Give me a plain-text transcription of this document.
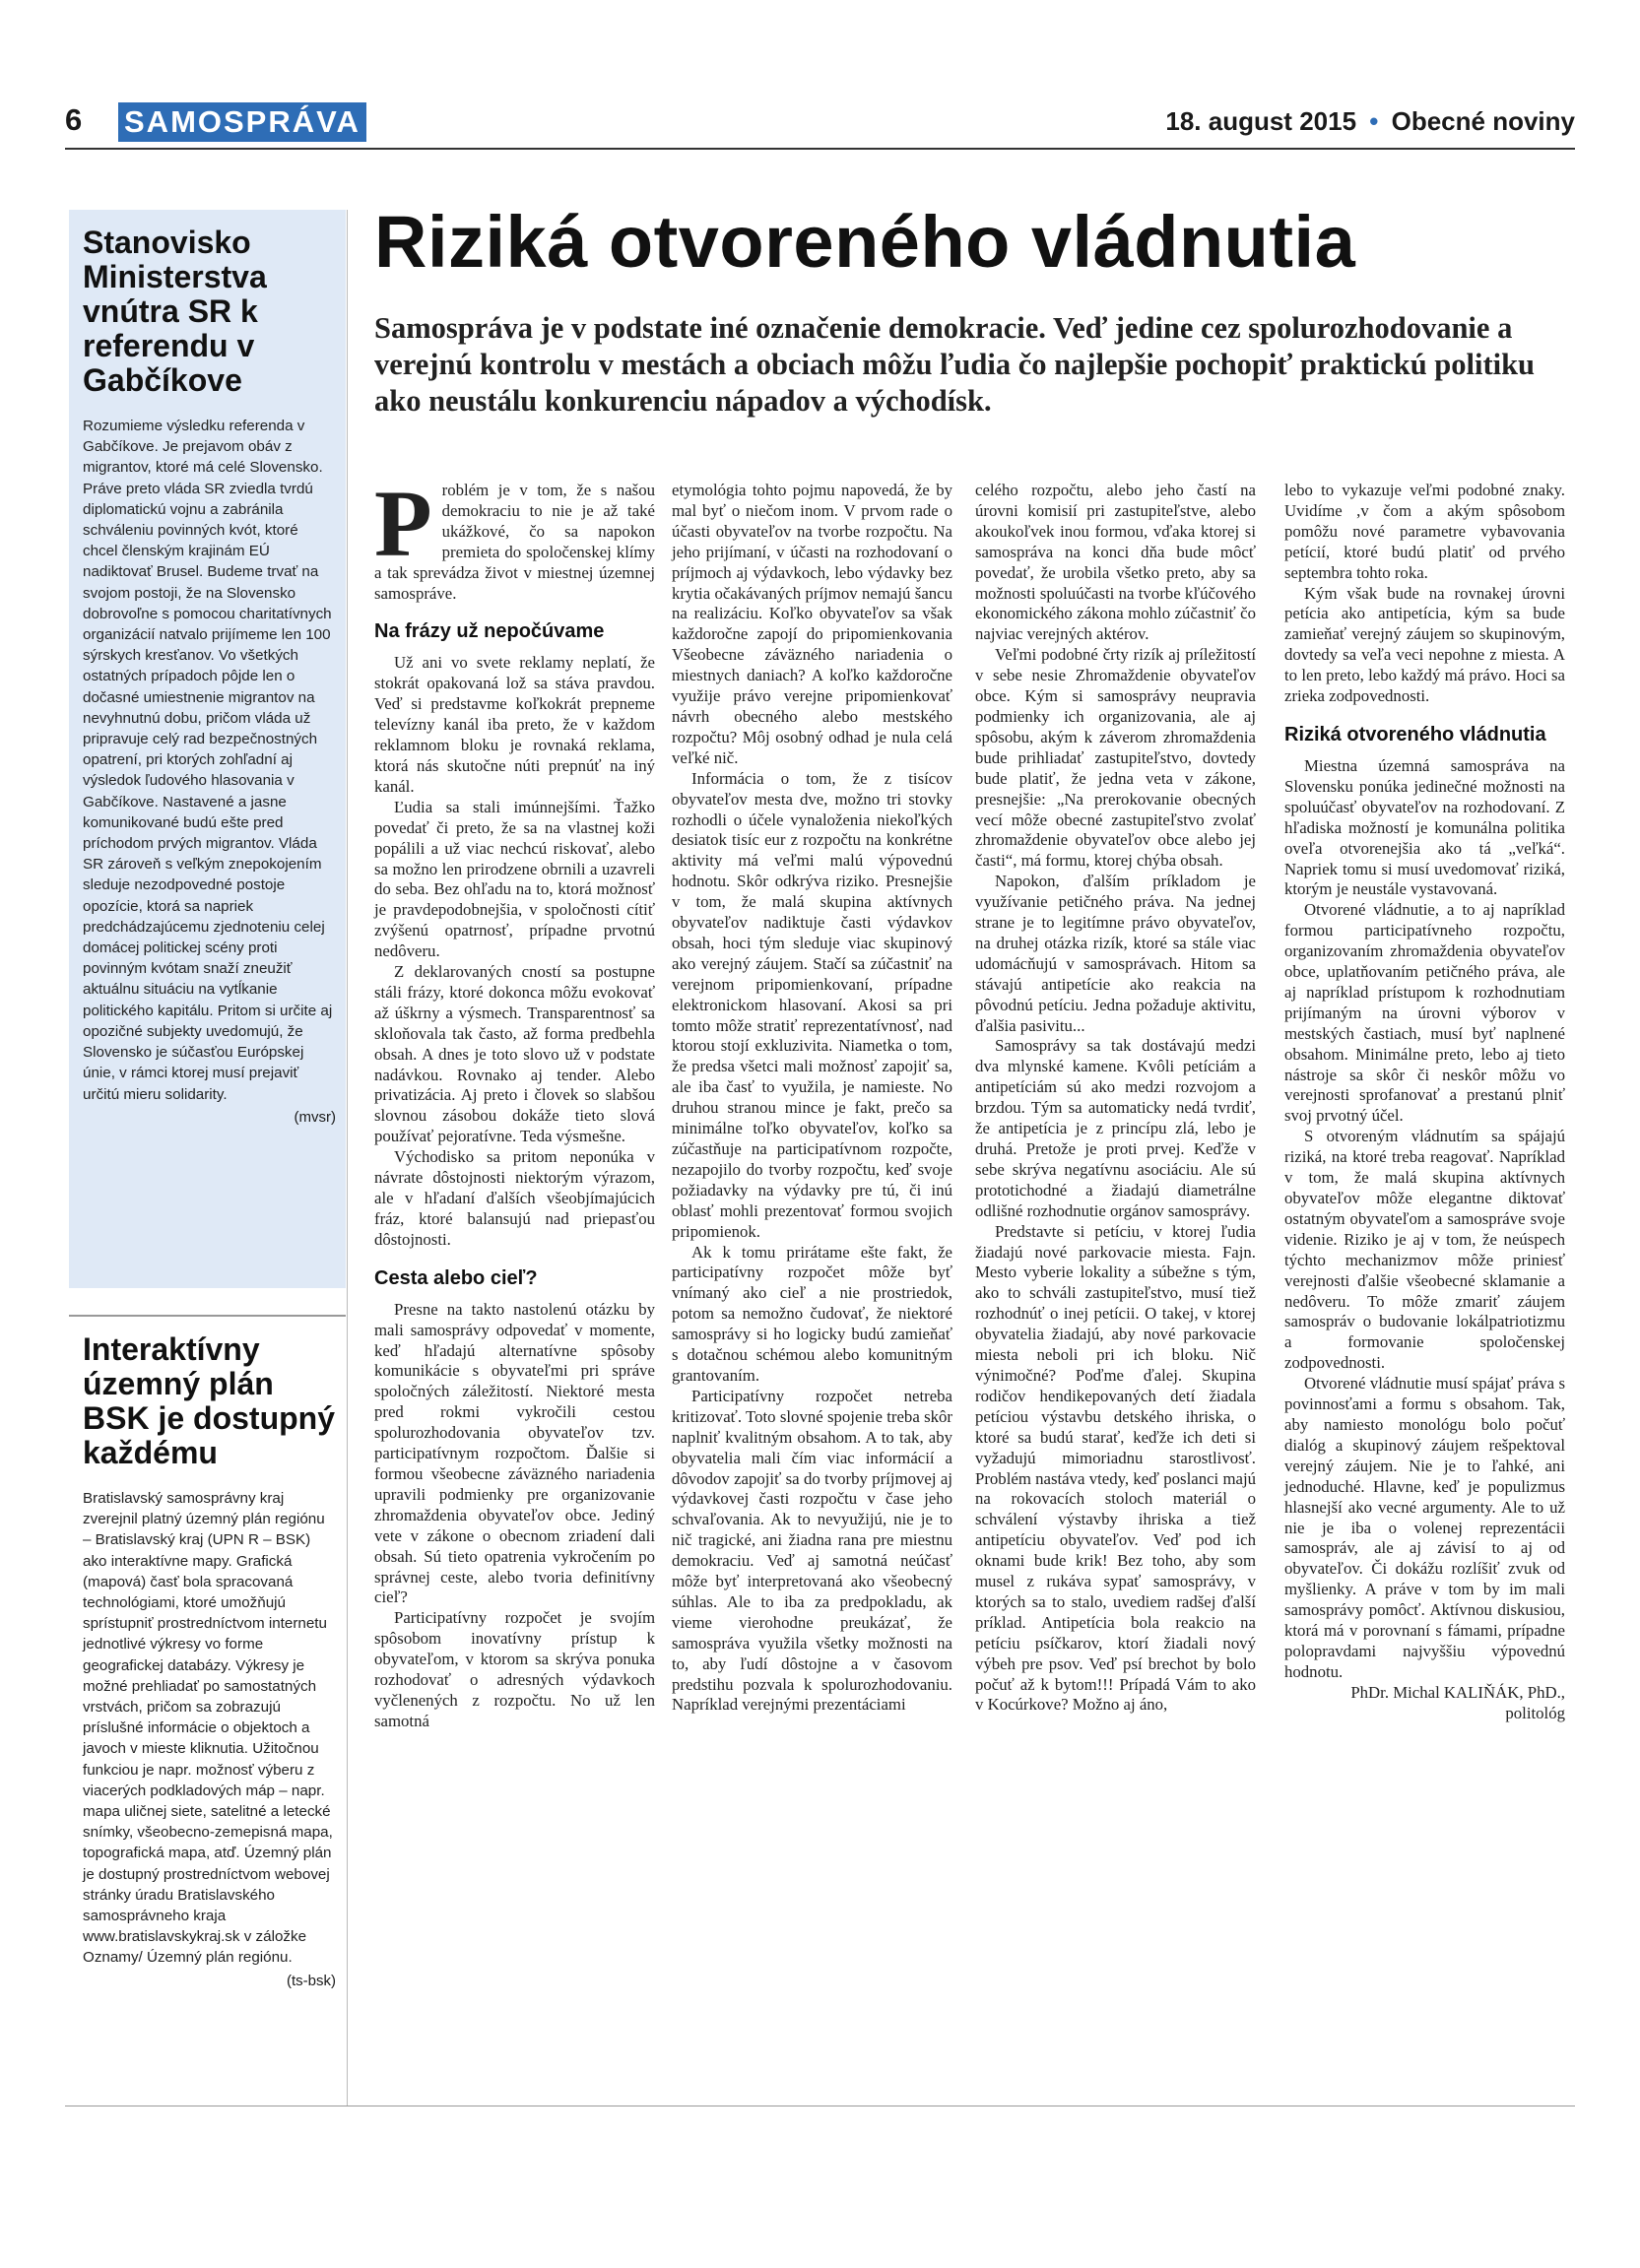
6 SAMOSPRÁVA	18. august 2015 • Obecné noviny
Stanovisko Ministerstva vnútra SR k referendu v Gabčíkove
Rozumieme výsledku referenda v Gabčíkove. Je prejavom obáv z migrantov, ktoré má celé Slovensko. Práve preto vláda SR zviedla tvrdú diplomatickú vojnu a zabránila schváleniu povinných kvót, ktoré chcel členským krajinám EÚ nadiktovať Brusel. Budeme trvať na svojom postoji, že na Slovensko dobrovoľne s pomocou charitatívnych organizácií natvalo prijímeme len 100 sýrskych kresťanov. Vo všetkých ostatných prípadoch pôjde len o dočasné umiestnenie migrantov na nevyhnutnú dobu, pričom vláda už pripravuje celý rad bezpečnostných opatrení, pri ktorých zohľadní aj výsledok ľudového hlasovania v Gabčíkove. Nastavené a jasne komunikované budú ešte pred príchodom prvých migrantov. Vláda SR zároveň s veľkým znepokojením sleduje nezodpovedné postoje opozície, ktorá sa napriek predchádzajúcemu zjednoteniu celej domácej politickej scény proti povinným kvótam snaží zneužiť aktuálnu situáciu na vytĺkanie politického kapitálu. Pritom si určite aj opozičné subjekty uvedomujú, že Slovensko je súčasťou Európskej únie, v rámci ktorej musí prejaviť určitú mieru solidarity.
(mvsr)
Interaktívny územný plán BSK je dostupný každému
Bratislavský samosprávny kraj zverejnil platný územný plán regiónu – Bratislavský kraj (UPN R – BSK) ako interaktívne mapy. Grafická (mapová) časť bola spracovaná technológiami, ktoré umožňujú sprístupniť prostredníctvom internetu jednotlivé výkresy vo forme geografickej databázy. Výkresy je možné prehliadať po samostatných vrstvách, pričom sa zobrazujú príslušné informácie o objektoch a javoch v mieste kliknutia. Užitočnou funkciou je napr. možnosť výberu z viacerých podkladových máp – napr. mapa uličnej siete, satelitné a letecké snímky, všeobecno-zemepisná mapa, topografická mapa, atď. Územný plán je dostupný prostredníctvom webovej stránky úradu Bratislavského samosprávneho kraja www.bratislavskykraj.sk v záložke Oznamy/ Územný plán regiónu.
(ts-bsk)
Riziká otvoreného vládnutia
Samospráva je v podstate iné označenie demokracie. Veď jedine cez spolurozhodovanie a verejnú kontrolu v mestách a obciach môžu ľudia čo najlepšie pochopiť praktickú politiku ako neustálu konkurenciu nápadov a východísk.

Problém je v tom, že s našou demokraciu to nie je až také ukážkové, čo sa napokon premieta do spoločenskej klímy a tak sprevádza život v miestnej územnej samospráve.

Na frázy už nepočúvame

Už ani vo svete reklamy neplatí, že stokrát opakovaná lož sa stáva pravdou. Veď si predstavme koľkokrát prepneme televízny kanál iba preto, že v každom reklamnom bloku je rovnaká reklama, ktorá nás skutočne núti prepnúť na iný kanál.

Ľudia sa stali imúnnejšími. Ťažko povedať či preto, že sa na vlastnej koži popálili a už viac nechcú riskovať, alebo sa možno len prirodzene obrnili a uzavreli do seba. Bez ohľadu na to, ktorá možnosť je pravdepodobnejšia, v spoločnosti cítiť zvýšenú opatrnosť, prípadne prvotnú nedôveru.

Z deklarovaných cností sa postupne stáli frázy, ktoré dokonca môžu evokovať až úškrny a výsmech. Transparentnosť sa skloňovala tak často, až forma predbehla obsah. A dnes je toto slovo už v podstate nadávkou. Rovnako aj tender. Alebo privatizácia. Aj preto i človek so slabšou slovnou zásobou dokáže tieto slová používať pejoratívne. Teda výsmešne.

Východisko sa pritom neponúka v návrate dôstojnosti niektorým výrazom, ale v hľadaní ďalších všeobjímajúcich fráz, ktoré balansujú nad priepasťou dôstojnosti.

Cesta alebo cieľ?

Presne na takto nastolenú otázku by mali samosprávy odpovedať v momente, keď hľadajú alternatívne spôsoby komunikácie s obyvateľmi pri správe spoločných záležitostí. Niektoré mesta pred rokmi vykročili cestou spolurozhodovania obyvateľov tzv. participatívnym rozpočtom. Ďalšie si formou všeobecne záväzného nariadenia upravili podmienky pre organizovanie zhromaždenia obyvateľov obce. Jediný vete v zákone o obecnom zriadení dali obsah. Sú tieto opatrenia vykročením po správnej ceste, alebo tvoria definitívny cieľ?

Participatívny rozpočet je svojím spôsobom inovatívny prístup k obyvateľom, v ktorom sa skrýva ponuka rozhodovať o adresných výdavkoch vyčlenených z rozpočtu. No už len samotná

etymológia tohto pojmu napovedá, že by mal byť o niečom inom. V prvom rade o účasti obyvateľov na tvorbe rozpočtu. Na jeho prijímaní, v účasti na rozhodovaní o príjmoch aj výdavkoch, lebo výdavky bez krytia očakávaných príjmov nemajú šancu na realizáciu. Koľko obyvateľov sa však každoročne zapojí do pripomienkovania Všeobecne záväzného nariadenia o miestnych daniach? A koľko každoročne využije právo verejne pripomienkovať návrh obecného alebo mestského rozpočtu? Môj osobný odhad je nula celá veľké nič.

Informácia o tom, že z tisícov obyvateľov mesta dve, možno tri stovky rozhodli o účele vynaloženia niekoľkých desiatok tisíc eur z rozpočtu na konkrétne aktivity má veľmi malú výpovednú hodnotu. Skôr odkrýva riziko. Presnejšie v tom, že malá skupina aktívnych obyvateľov nadiktuje časti výdavkov obsah, hoci tým sleduje viac skupinový ako verejný záujem. Stačí sa zúčastniť na verejnom pripomienkovaní, prípadne elektronickom hlasovaní. Akosi sa pri tomto môže stratiť reprezentatívnosť, nad ktorou stojí exkluzivita. Niametka o tom, že predsa všetci mali možnosť zapojiť sa, ale iba časť to využila, je namieste. No druhou stranou mince je fakt, prečo sa minimálne toľko obyvateľov, koľko sa zúčastňuje na participatívnom rozpočte, nezapojilo do tvorby rozpočtu, keď svoje požiadavky na výdavky pre tú, či inú oblasť mohli prezentovať formou svojich pripomienok.

Ak k tomu prirátame ešte fakt, že participatívny rozpočet môže byť vnímaný ako cieľ a nie prostriedok, potom sa nemožno čudovať, že niektoré samosprávy si ho logicky budú zamieňať s dotačnou schémou alebo komunitným grantovaním.

Participatívny rozpočet netreba kritizovať. Toto slovné spojenie treba skôr naplniť kvalitným obsahom. A to tak, aby obyvatelia mali čím viac informácií a dôvodov zapojiť sa do tvorby príjmovej aj výdavkovej časti rozpočtu v čase jeho schvaľovania. Ak to nevyužijú, nie je to nič tragické, ani žiadna rana pre miestnu demokraciu. Veď aj samotná neúčasť môže byť interpretovaná ako všeobecný súhlas. Ale to iba za predpokladu, ak vieme vierohodne preukázať, že samospráva využila všetky možnosti na to, aby ľudí dôstojne a v časovom predstihu pozvala k spolurozhodovaniu. Napríklad verejnými prezentáciami

celého rozpočtu, alebo jeho častí na úrovni komisií pri zastupiteľstve, alebo akoukoľvek inou formou, vďaka ktorej si samospráva na konci dňa bude môcť povedať, že urobila všetko preto, aby sa možnosti spoluúčasti na tvorbe kľúčového ekonomického zákona mohlo zúčastniť čo najviac verejných aktérov.

Veľmi podobné črty rizík aj príležitostí v sebe nesie Zhromaždenie obyvateľov obce. Kým si samosprávy neupravia podmienky ich organizovania, ale aj spôsobu, akým k záverom zhromaždenia bude prihliadať zastupiteľstvo, dovtedy bude platiť, že jedna veta v zákone, presnejšie: „Na prerokovanie obecných vecí môže obecné zastupiteľstvo zvolať zhromaždenie obyvateľov obce alebo jej časti“, má formu, ktorej chýba obsah.

Napokon, ďalším príkladom je využívanie petičného práva. Na jednej strane je to legitímne právo obyvateľov, na druhej otázka rizík, ktoré sa stále viac udomácňujú v samosprávach. Hitom sa stávajú antipetície ako reakcia na pôvodnú petíciu. Jedna požaduje aktivitu, ďalšia pasivitu...

Samosprávy sa tak dostávajú medzi dva mlynské kamene. Kvôli petíciám a antipetíciám sú ako medzi rozvojom a brzdou. Tým sa automaticky nedá tvrdiť, že antipetícia je z princípu zlá, lebo je druhá. Pretože je proti prvej. Keďže v sebe skrýva negatívnu asociáciu. Ale sú prototichodné a žiadajú diametrálne odlišné rozhodnutie orgánov samosprávy.

Predstavte si petíciu, v ktorej ľudia žiadajú nové parkovacie miesta. Fajn. Mesto vyberie lokality a súbežne s tým, ako to schváli zastupiteľstvo, musí tiež rozhodnúť o inej petícii. O takej, v ktorej obyvatelia žiadajú, aby nové parkovacie miesta neboli pri ich bloku. Nič výnimočné? Poďme ďalej. Skupina rodičov hendikepovaných detí žiadala petíciou výstavbu detského ihriska, o ktoré sa budú starať, keďže ich deti si vyžadujú mimoriadnu starostlivosť. Problém nastáva vtedy, keď poslanci majú na rokovacích stoloch materiál o schválení výstavby ihriska a tiež antipetíciu obyvateľov. Veď pod ich oknami bude krik! Bez toho, aby som musel z rukáva sypať samosprávy, v ktorých sa to stalo, uvediem radšej ďalší príklad. Antipetícia bola reakcio na petíciu psíčkarov, ktorí žiadali nový výbeh pre psov. Veď psí brechot by bolo počuť až k bytom!!! Prípadá Vám to ako v Kocúrkove? Možno aj áno,

lebo to vykazuje veľmi podobné znaky. Uvidíme ,v čom a akým spôsobom pomôžu nové parametre vybavovania petícií, ktoré budú platiť od prvého septembra tohto roka.

Kým však bude na rovnakej úrovni petícia ako antipetícia, kým sa bude zamieňať verejný záujem so skupinovým, dovtedy sa veľa veci nepohne z miesta. A to len preto, lebo každý má právo. Hoci sa zrieka zodpovednosti.

Riziká otvoreného vládnutia

Miestna územná samospráva na Slovensku ponúka jedinečné možnosti na spoluúčasť obyvateľov na rozhodovaní. Z hľadiska možností je komunálna politika oveľa otvorenejšia ako tá „veľká“. Napriek tomu si musí uvedomovať riziká, ktorým je neustále vystavovaná.

Otvorené vládnutie, a to aj napríklad formou participatívneho rozpočtu, organizovaním zhromaždenia obyvateľov obce, uplatňovaním petičného práva, ale aj napríklad prístupom k rozhodnutiam prijímaným na úrovni výborov v mestských častiach, musí byť naplnené obsahom. Minimálne preto, lebo aj tieto nástroje sa skôr či neskôr môžu vo verejnosti sprofanovať a prestanú plniť svoj prvotný účel.

S otvoreným vládnutím sa spájajú riziká, na ktoré treba reagovať. Napríklad v tom, že malá skupina aktívnych obyvateľov môže elegantne diktovať ostatným obyvateľom a samospráve svoje videnie. Riziko je aj v tom, že neúspech týchto mechanizmov môže priniesť verejnosti ďalšie všeobecné sklamanie a nedôveru. To môže zmariť záujem samospráv o budovanie lokálpatriotizmu a formovanie spoločenskej zodpovednosti.

Otvorené vládnutie musí spájať práva s povinnosťami a formu s obsahom. Tak, aby namiesto monológu bolo počuť dialóg a skupinový záujem rešpektoval verejný záujem. Nie je to ľahké, ani jednoduché. Hlavne, keď je populizmus hlasnejší ako vecné argumenty. Ale to už nie je iba o volenej reprezentácii samospráv, ale aj závisí to aj od obyvateľov. Či dokážu rozlíšiť zvuk od myšlienky. A práve v tom by im mali samosprávy pomôcť. Aktívnou diskusiou, ktorá má v porovnaní s fámami, prípadne polopravdami najvyššiu výpovednú hodnotu.

PhDr. Michal KALIŇÁK, PhD.,

politológ
